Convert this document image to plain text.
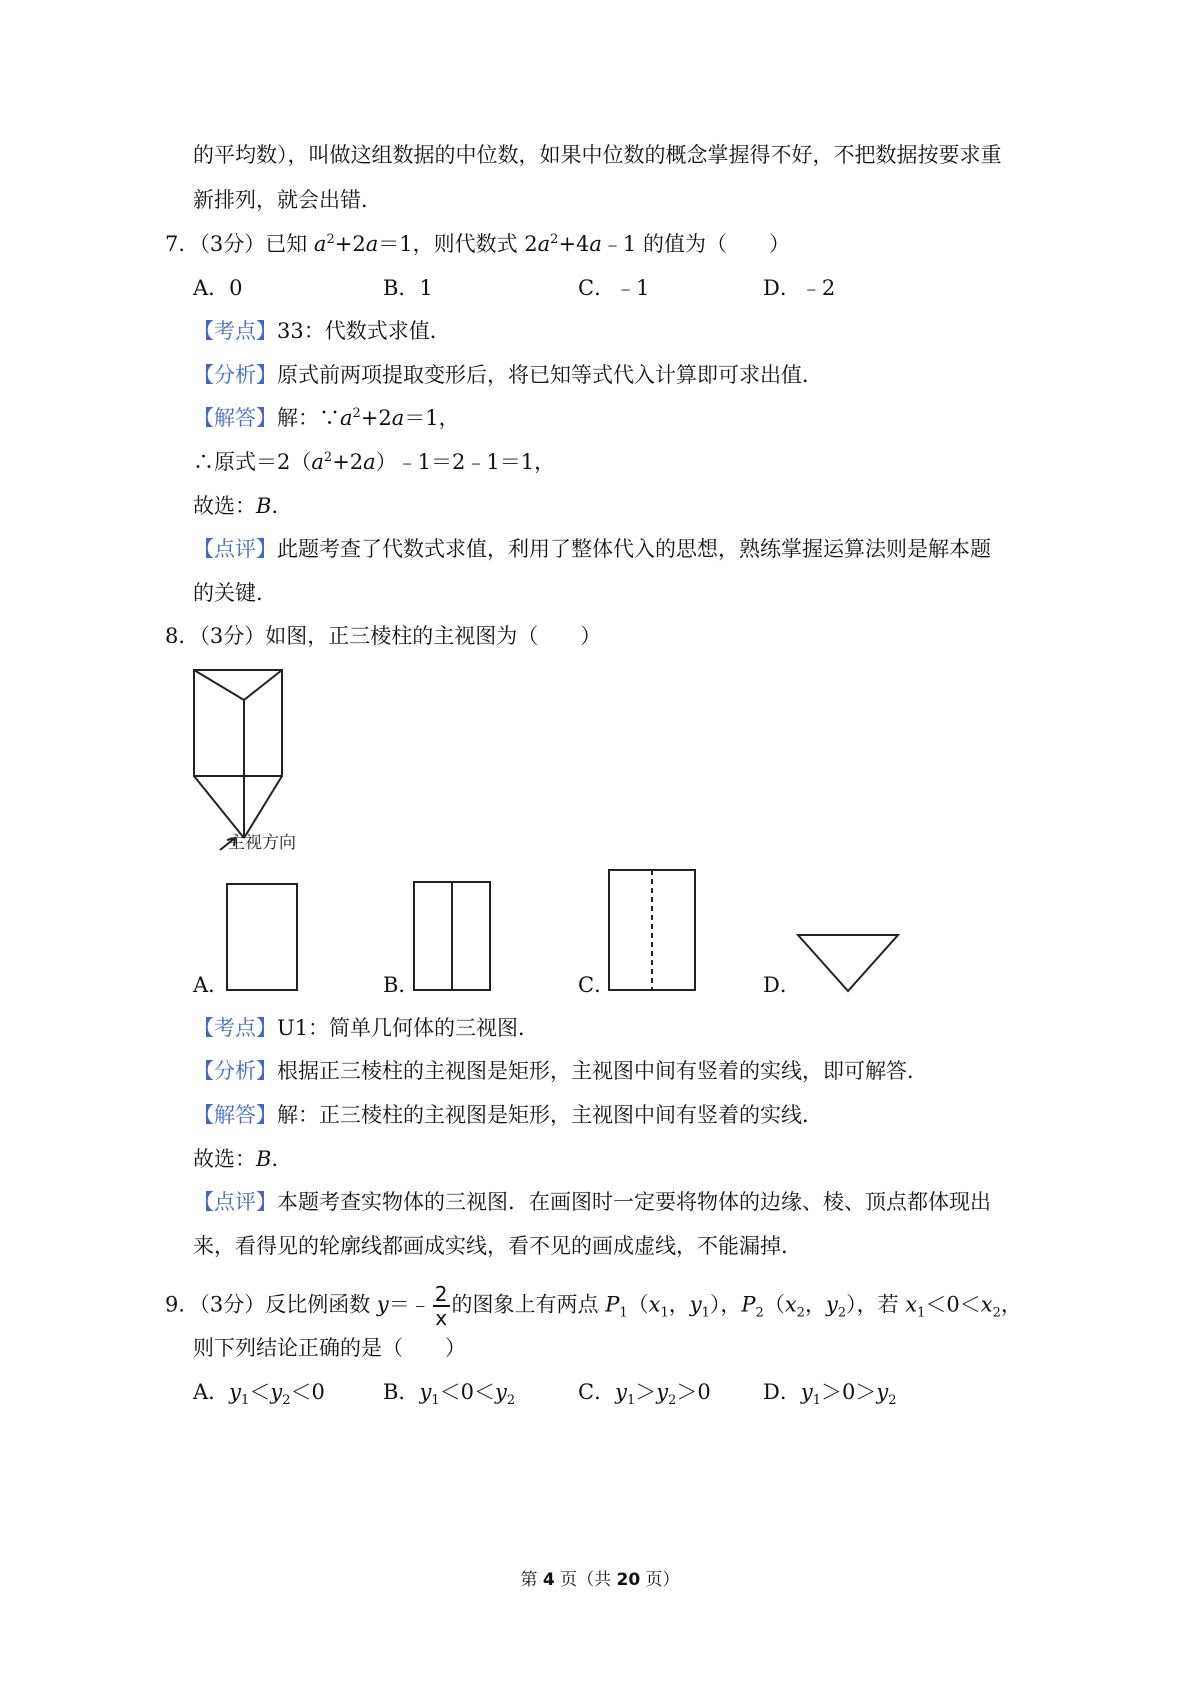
的平均数），叫做这组数据的中位数，如果中位数的概念掌握得不好，不把数据按要求重
新排列，就会出错．
7．（3分）已知 $a^2+2a=1$，则代数式 $2a^2+4a﹣1$ 的值为（　　）
A．0	B．1	C．﹣1	D．﹣2
【考点】33：代数式求值．
【分析】原式前两项提取变形后，将已知等式代入计算即可求出值．
【解答】解：$\because a^2+2a=1$，
∴原式$=2(a^2+2a)﹣1=2﹣1=1$，
故选：B．
【点评】此题考查了代数式求值，利用了整体代入的思想，熟练掌握运算法则是解本题
的关键．
8．（3分）如图，正三棱柱的主视图为（　　）
主视方向
A．	B．	C．	D．
【考点】U1：简单几何体的三视图．
【分析】根据正三棱柱的主视图是矩形，主视图中间有竖着的实线，即可解答．
【解答】解：正三棱柱的主视图是矩形，主视图中间有竖着的实线．
故选：B．
【点评】本题考查实物体的三视图．在画图时一定要将物体的边缘、棱、顶点都体现出
来，看得见的轮廓线都画成实线，看不见的画成虚线，不能漏掉．
9．（3分）反比例函数 y＝﹣ $\frac{2}{x}$ 的图象上有两点 $P_1(x_1$，$y_1$），$P_2(x_2$，$y_2$），若 $x_1<0<x_2$，
则下列结论正确的是（　　）
A．$y_1<y_2<0$	B．$y_1<0<y_2$	C．$y_1>y_2>0$ D．$y_1>0>y_2$
第 4 页（共 20 页）
